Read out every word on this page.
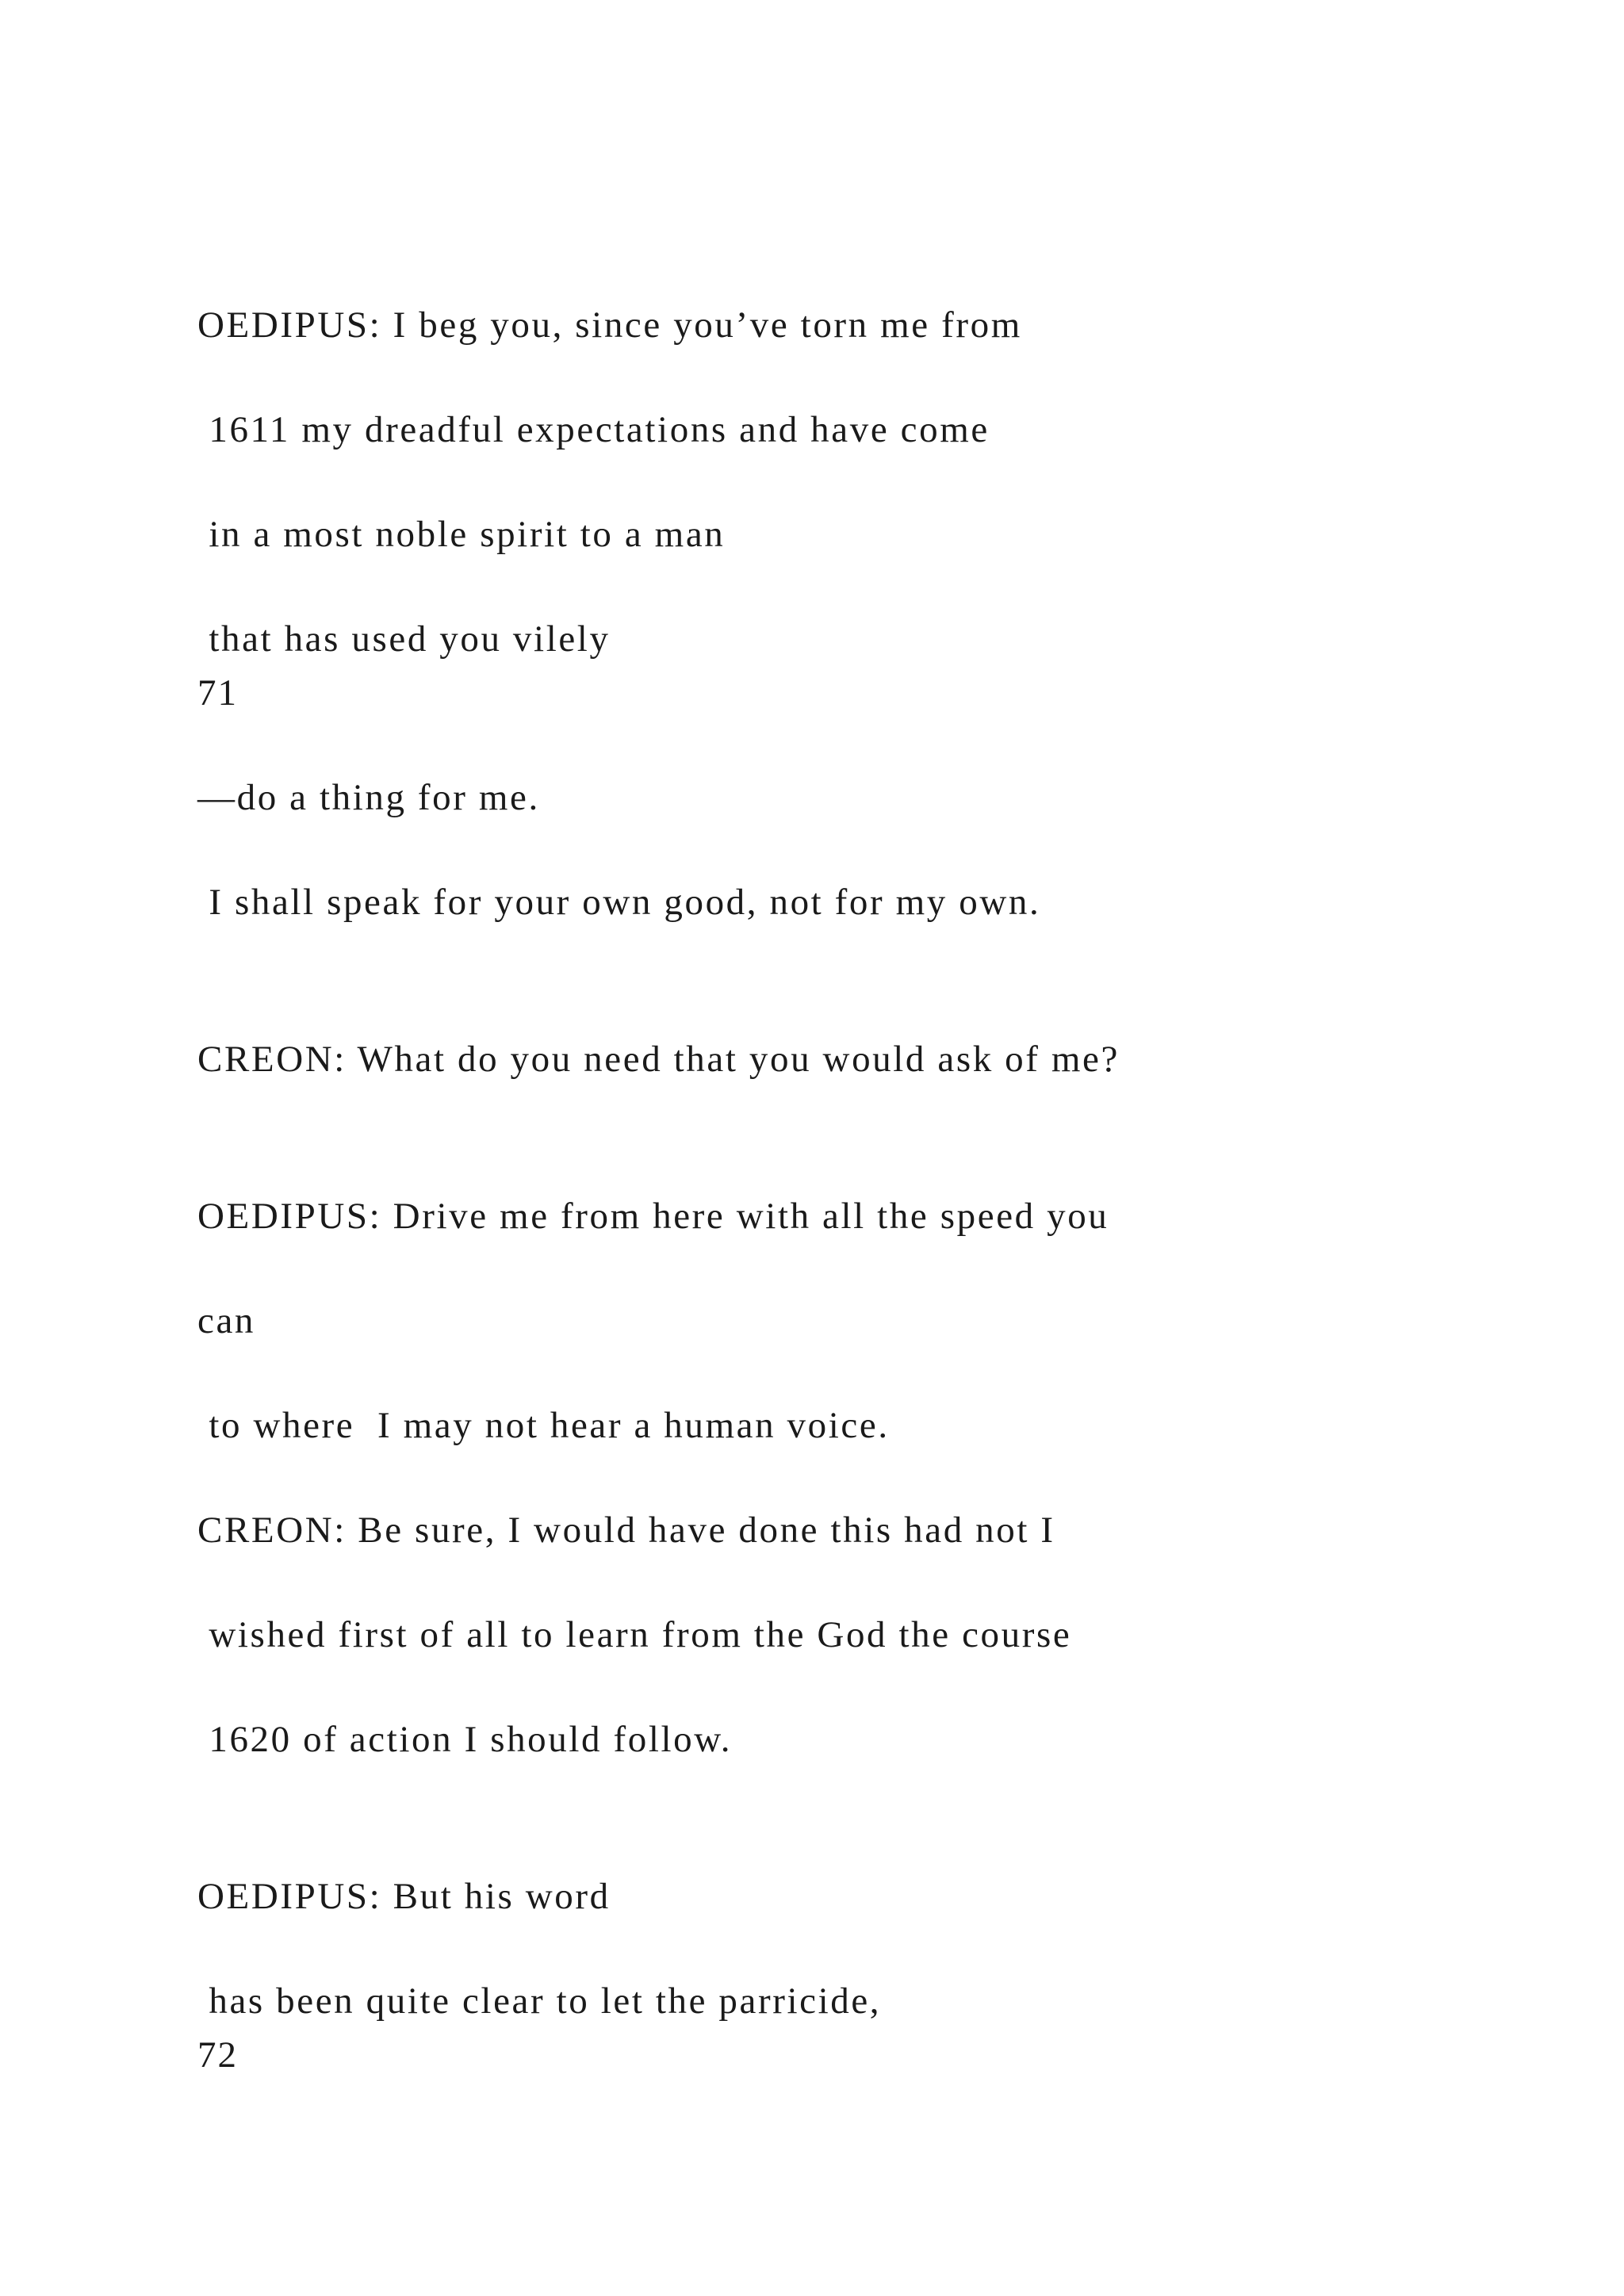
OEDIPUS: I beg you, since you’ve torn me from

1611 my dreadful expectations and have come

in a most noble spirit to a man

that has used you vilely

71

—do a thing for me.

I shall speak for your own good, not for my own.

CREON: What do you need that you would ask of me?

OEDIPUS: Drive me from here with all the speed you

can

to where  I may not hear a human voice.

CREON: Be sure, I would have done this had not I

wished first of all to learn from the God the course

1620 of action I should follow.

OEDIPUS: But his word

has been quite clear to let the parricide,

72
